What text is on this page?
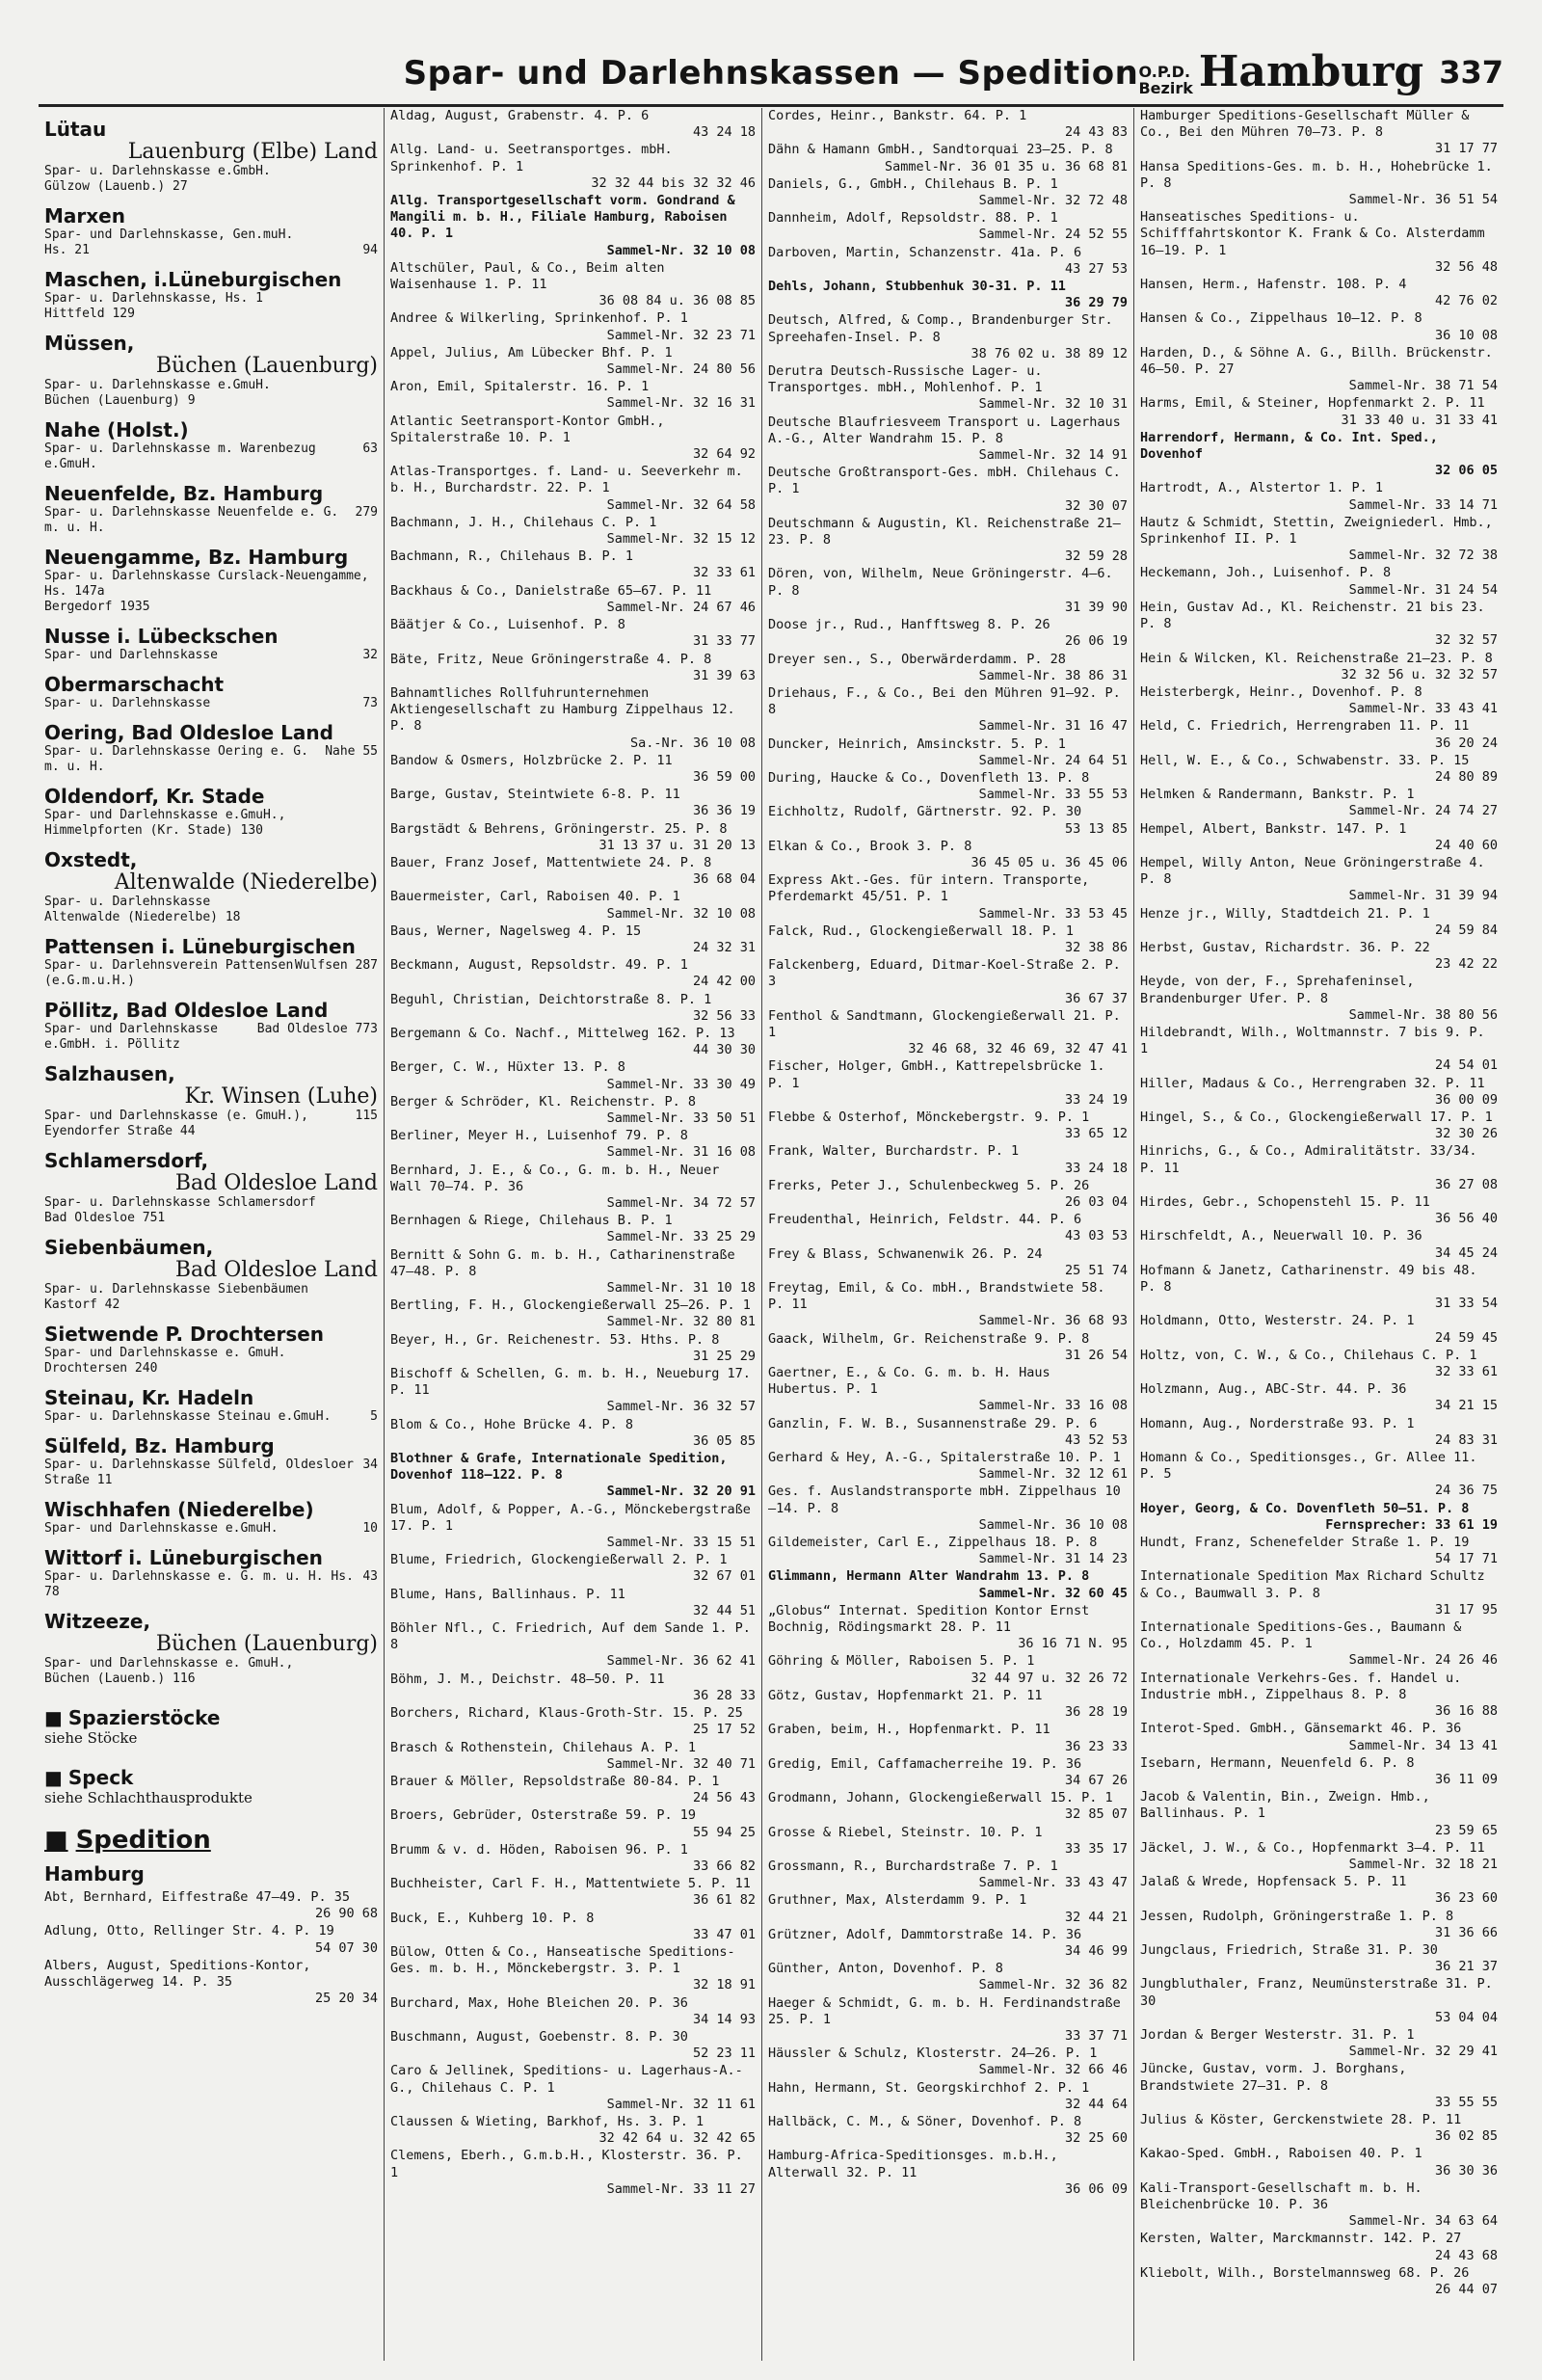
Spar- und Darlehnskassen — Spedition O.P.D.
Bezirk Hamburg 337
Lütau
Lauenburg (Elbe) Land
Spar- u. Darlehnskasse e.GmbH.
Gülzow (Lauenb.) 27
Marxen
Spar- und Darlehnskasse, Gen.muH.
94
Hs. 21
Maschen, i.Lüneburgischen
Spar- u. Darlehnskasse, Hs. 1
Hittfeld 129
Müssen,
Büchen (Lauenburg)
Spar- u. Darlehnskasse e.GmuH.
Büchen (Lauenburg) 9
Nahe (Holst.)
63
Spar- u. Darlehnskasse m. Warenbezug e.GmuH.
Neuenfelde, Bz. Hamburg
279
Spar- u. Darlehnskasse Neuenfelde e. G. m. u. H.
Neuengamme, Bz. Hamburg
Spar- u. Darlehnskasse Curslack-Neuengamme, Hs. 147a
Bergedorf 1935
Nusse i. Lübeckschen
32
Spar- und Darlehnskasse
Obermarschacht
73
Spar- u. Darlehnskasse
Oering, Bad Oldesloe Land
Nahe 55
Spar- u. Darlehnskasse Oering e. G. m. u. H.
Oldendorf, Kr. Stade
Spar- und Darlehnskasse e.GmuH., Himmelpforten (Kr. Stade) 130
Oxstedt,
Altenwalde (Niederelbe)
Spar- u. Darlehnskasse
Altenwalde (Niederelbe) 18
Pattensen i. Lüneburgischen
Wulfsen 287
Spar- u. Darlehnsverein Pattensen (e.G.m.u.H.)
Pöllitz, Bad Oldesloe Land
Bad Oldesloe 773
Spar- und Darlehnskasse e.GmbH. i. Pöllitz
Salzhausen,
Kr. Winsen (Luhe)
115
Spar- und Darlehnskasse (e. GmuH.), Eyendorfer Straße 44
Schlamersdorf,
Bad Oldesloe Land
Spar- u. Darlehnskasse Schlamersdorf
Bad Oldesloe 751
Siebenbäumen,
Bad Oldesloe Land
Spar- u. Darlehnskasse Siebenbäumen
Kastorf 42
Sietwende P. Drochtersen
Spar- und Darlehnskasse e. GmuH.
Drochtersen 240
Steinau, Kr. Hadeln
5
Spar- u. Darlehnskasse Steinau e.GmuH.
Sülfeld, Bz. Hamburg
34
Spar- u. Darlehnskasse Sülfeld, Oldesloer Straße 11
Wischhafen (Niederelbe)
10
Spar- und Darlehnskasse e.GmuH.
Wittorf i. Lüneburgischen
43
Spar- u. Darlehnskasse e. G. m. u. H. Hs. 78
Witzeeze,
Büchen (Lauenburg)
Spar- und Darlehnskasse e. GmuH.,
Büchen (Lauenb.) 116
■ Spazierstöcke
siehe Stöcke
■ Speck
siehe Schlachthausprodukte
■ Spedition
Hamburg
Abt, Bernhard, Eiffestraße 47—49. P. 35
26 90 68
Adlung, Otto, Rellinger Str. 4. P. 19
54 07 30
Albers, August, Speditions-Kontor, Ausschlägerweg 14. P. 35
25 20 34
Aldag, August, Grabenstr. 4. P. 6
43 24 18
Allg. Land- u. Seetransportges. mbH. Sprinkenhof. P. 1
32 32 44 bis 32 32 46
Allg. Transportgesellschaft vorm. Gondrand & Mangili m. b. H., Filiale Hamburg, Raboisen 40. P. 1
Sammel-Nr. 32 10 08
Altschüler, Paul, & Co., Beim alten Waisenhause 1. P. 11
36 08 84 u. 36 08 85
Andree & Wilkerling, Sprinkenhof. P. 1
Sammel-Nr. 32 23 71
Appel, Julius, Am Lübecker Bhf. P. 1
Sammel-Nr. 24 80 56
Aron, Emil, Spitalerstr. 16. P. 1
Sammel-Nr. 32 16 31
Atlantic Seetransport-Kontor GmbH., Spitalerstraße 10. P. 1
32 64 92
Atlas-Transportges. f. Land- u. Seeverkehr m. b. H., Burchardstr. 22. P. 1
Sammel-Nr. 32 64 58
Bachmann, J. H., Chilehaus C. P. 1
Sammel-Nr. 32 15 12
Bachmann, R., Chilehaus B. P. 1
32 33 61
Backhaus & Co., Danielstraße 65—67. P. 11
Sammel-Nr. 24 67 46
Bäätjer & Co., Luisenhof. P. 8
31 33 77
Bäte, Fritz, Neue Gröningerstraße 4. P. 8
31 39 63
Bahnamtliches Rollfuhrunternehmen Aktiengesellschaft zu Hamburg Zippelhaus 12. P. 8
Sa.-Nr. 36 10 08
Bandow & Osmers, Holzbrücke 2. P. 11
36 59 00
Barge, Gustav, Steintwiete 6-8. P. 11
36 36 19
Bargstädt & Behrens, Gröningerstr. 25. P. 8
31 13 37 u. 31 20 13
Bauer, Franz Josef, Mattentwiete 24. P. 8
36 68 04
Bauermeister, Carl, Raboisen 40. P. 1
Sammel-Nr. 32 10 08
Baus, Werner, Nagelsweg 4. P. 15
24 32 31
Beckmann, August, Repsoldstr. 49. P. 1
24 42 00
Beguhl, Christian, Deichtorstraße 8. P. 1
32 56 33
Bergemann & Co. Nachf., Mittelweg 162. P. 13
44 30 30
Berger, C. W., Hüxter 13. P. 8
Sammel-Nr. 33 30 49
Berger & Schröder, Kl. Reichenstr. P. 8
Sammel-Nr. 33 50 51
Berliner, Meyer H., Luisenhof 79. P. 8
Sammel-Nr. 31 16 08
Bernhard, J. E., & Co., G. m. b. H., Neuer Wall 70—74. P. 36
Sammel-Nr. 34 72 57
Bernhagen & Riege, Chilehaus B. P. 1
Sammel-Nr. 33 25 29
Bernitt & Sohn G. m. b. H., Catharinenstraße 47—48. P. 8
Sammel-Nr. 31 10 18
Bertling, F. H., Glockengießerwall 25—26. P. 1
Sammel-Nr. 32 80 81
Beyer, H., Gr. Reichenestr. 53. Hths. P. 8
31 25 29
Bischoff & Schellen, G. m. b. H., Neueburg 17. P. 11
Sammel-Nr. 36 32 57
Blom & Co., Hohe Brücke 4. P. 8
36 05 85
Blothner & Grafe, Internationale Spedition, Dovenhof 118—122. P. 8
Sammel-Nr. 32 20 91
Blum, Adolf, & Popper, A.-G., Mönckebergstraße 17. P. 1
Sammel-Nr. 33 15 51
Blume, Friedrich, Glockengießerwall 2. P. 1
32 67 01
Blume, Hans, Ballinhaus. P. 11
32 44 51
Böhler Nfl., C. Friedrich, Auf dem Sande 1. P. 8
Sammel-Nr. 36 62 41
Böhm, J. M., Deichstr. 48—50. P. 11
36 28 33
Borchers, Richard, Klaus-Groth-Str. 15. P. 25
25 17 52
Brasch & Rothenstein, Chilehaus A. P. 1
Sammel-Nr. 32 40 71
Brauer & Möller, Repsoldstraße 80-84. P. 1
24 56 43
Broers, Gebrüder, Osterstraße 59. P. 19
55 94 25
Brumm & v. d. Höden, Raboisen 96. P. 1
33 66 82
Buchheister, Carl F. H., Mattentwiete 5. P. 11
36 61 82
Buck, E., Kuhberg 10. P. 8
33 47 01
Bülow, Otten & Co., Hanseatische Speditions-Ges. m. b. H., Mönckebergstr. 3. P. 1
32 18 91
Burchard, Max, Hohe Bleichen 20. P. 36
34 14 93
Buschmann, August, Goebenstr. 8. P. 30
52 23 11
Caro & Jellinek, Speditions- u. Lagerhaus-A.-G., Chilehaus C. P. 1
Sammel-Nr. 32 11 61
Claussen & Wieting, Barkhof, Hs. 3. P. 1
32 42 64 u. 32 42 65
Clemens, Eberh., G.m.b.H., Klosterstr. 36. P. 1
Sammel-Nr. 33 11 27
Cordes, Heinr., Bankstr. 64. P. 1
24 43 83
Dähn & Hamann GmbH., Sandtorquai 23—25. P. 8
Sammel-Nr. 36 01 35 u. 36 68 81
Daniels, G., GmbH., Chilehaus B. P. 1
Sammel-Nr. 32 72 48
Dannheim, Adolf, Repsoldstr. 88. P. 1
Sammel-Nr. 24 52 55
Darboven, Martin, Schanzenstr. 41a. P. 6
43 27 53
Dehls, Johann, Stubbenhuk 30-31. P. 11
36 29 79
Deutsch, Alfred, & Comp., Brandenburger Str. Spreehafen-Insel. P. 8
38 76 02 u. 38 89 12
Derutra Deutsch-Russische Lager- u. Transportges. mbH., Mohlenhof. P. 1
Sammel-Nr. 32 10 31
Deutsche Blaufriesveem Transport u. Lagerhaus A.-G., Alter Wandrahm 15. P. 8
Sammel-Nr. 32 14 91
Deutsche Großtransport-Ges. mbH. Chilehaus C. P. 1
32 30 07
Deutschmann & Augustin, Kl. Reichenstraße 21—23. P. 8
32 59 28
Dören, von, Wilhelm, Neue Gröningerstr. 4—6. P. 8
31 39 90
Doose jr., Rud., Hanfftsweg 8. P. 26
26 06 19
Dreyer sen., S., Oberwärderdamm. P. 28
Sammel-Nr. 38 86 31
Driehaus, F., & Co., Bei den Mühren 91—92. P. 8
Sammel-Nr. 31 16 47
Duncker, Heinrich, Amsinckstr. 5. P. 1
Sammel-Nr. 24 64 51
During, Haucke & Co., Dovenfleth 13. P. 8
Sammel-Nr. 33 55 53
Eichholtz, Rudolf, Gärtnerstr. 92. P. 30
53 13 85
Elkan & Co., Brook 3. P. 8
36 45 05 u. 36 45 06
Express Akt.-Ges. für intern. Transporte, Pferdemarkt 45/51. P. 1
Sammel-Nr. 33 53 45
Falck, Rud., Glockengießerwall 18. P. 1
32 38 86
Falckenberg, Eduard, Ditmar-Koel-Straße 2. P. 3
36 67 37
Fenthol & Sandtmann, Glockengießerwall 21. P. 1
32 46 68, 32 46 69, 32 47 41
Fischer, Holger, GmbH., Kattrepelsbrücke 1. P. 1
33 24 19
Flebbe & Osterhof, Mönckebergstr. 9. P. 1
33 65 12
Frank, Walter, Burchardstr. P. 1
33 24 18
Frerks, Peter J., Schulenbeckweg 5. P. 26
26 03 04
Freudenthal, Heinrich, Feldstr. 44. P. 6
43 03 53
Frey & Blass, Schwanenwik 26. P. 24
25 51 74
Freytag, Emil, & Co. mbH., Brandstwiete 58. P. 11
Sammel-Nr. 36 68 93
Gaack, Wilhelm, Gr. Reichenstraße 9. P. 8
31 26 54
Gaertner, E., & Co. G. m. b. H. Haus Hubertus. P. 1
Sammel-Nr. 33 16 08
Ganzlin, F. W. B., Susannenstraße 29. P. 6
43 52 53
Gerhard & Hey, A.-G., Spitalerstraße 10. P. 1
Sammel-Nr. 32 12 61
Ges. f. Auslandstransporte mbH. Zippelhaus 10—14. P. 8
Sammel-Nr. 36 10 08
Gildemeister, Carl E., Zippelhaus 18. P. 8
Sammel-Nr. 31 14 23
Glimmann, Hermann Alter Wandrahm 13. P. 8
Sammel-Nr. 32 60 45
„Globus“ Internat. Spedition Kontor Ernst Bochnig, Rödingsmarkt 28. P. 11
36 16 71 N. 95
Göhring & Möller, Raboisen 5. P. 1
32 44 97 u. 32 26 72
Götz, Gustav, Hopfenmarkt 21. P. 11
36 28 19
Graben, beim, H., Hopfenmarkt. P. 11
36 23 33
Gredig, Emil, Caffamacherreihe 19. P. 36
34 67 26
Grodmann, Johann, Glockengießerwall 15. P. 1
32 85 07
Grosse & Riebel, Steinstr. 10. P. 1
33 35 17
Grossmann, R., Burchardstraße 7. P. 1
Sammel-Nr. 33 43 47
Gruthner, Max, Alsterdamm 9. P. 1
32 44 21
Grützner, Adolf, Dammtorstraße 14. P. 36
34 46 99
Günther, Anton, Dovenhof. P. 8
Sammel-Nr. 32 36 82
Haeger & Schmidt, G. m. b. H. Ferdinandstraße 25. P. 1
33 37 71
Häussler & Schulz, Klosterstr. 24—26. P. 1
Sammel-Nr. 32 66 46
Hahn, Hermann, St. Georgskirchhof 2. P. 1
32 44 64
Hallbäck, C. M., & Söner, Dovenhof. P. 8
32 25 60
Hamburg-Africa-Speditionsges. m.b.H., Alterwall 32. P. 11
36 06 09
Hamburger Speditions-Gesellschaft Müller & Co., Bei den Mühren 70—73. P. 8
31 17 77
Hansa Speditions-Ges. m. b. H., Hohebrücke 1. P. 8
Sammel-Nr. 36 51 54
Hanseatisches Speditions- u. Schifffahrtskontor K. Frank & Co. Alsterdamm 16—19. P. 1
32 56 48
Hansen, Herm., Hafenstr. 108. P. 4
42 76 02
Hansen & Co., Zippelhaus 10—12. P. 8
36 10 08
Harden, D., & Söhne A. G., Billh. Brückenstr. 46—50. P. 27
Sammel-Nr. 38 71 54
Harms, Emil, & Steiner, Hopfenmarkt 2. P. 11
31 33 40 u. 31 33 41
Harrendorf, Hermann, & Co. Int. Sped., Dovenhof
32 06 05
Hartrodt, A., Alstertor 1. P. 1
Sammel-Nr. 33 14 71
Hautz & Schmidt, Stettin, Zweigniederl. Hmb., Sprinkenhof II. P. 1
Sammel-Nr. 32 72 38
Heckemann, Joh., Luisenhof. P. 8
Sammel-Nr. 31 24 54
Hein, Gustav Ad., Kl. Reichenstr. 21 bis 23. P. 8
32 32 57
Hein & Wilcken, Kl. Reichenstraße 21—23. P. 8
32 32 56 u. 32 32 57
Heisterbergk, Heinr., Dovenhof. P. 8
Sammel-Nr. 33 43 41
Held, C. Friedrich, Herrengraben 11. P. 11
36 20 24
Hell, W. E., & Co., Schwabenstr. 33. P. 15
24 80 89
Helmken & Randermann, Bankstr. P. 1
Sammel-Nr. 24 74 27
Hempel, Albert, Bankstr. 147. P. 1
24 40 60
Hempel, Willy Anton, Neue Gröningerstraße 4. P. 8
Sammel-Nr. 31 39 94
Henze jr., Willy, Stadtdeich 21. P. 1
24 59 84
Herbst, Gustav, Richardstr. 36. P. 22
23 42 22
Heyde, von der, F., Sprehafeninsel, Brandenburger Ufer. P. 8
Sammel-Nr. 38 80 56
Hildebrandt, Wilh., Woltmannstr. 7 bis 9. P. 1
24 54 01
Hiller, Madaus & Co., Herrengraben 32. P. 11
36 00 09
Hingel, S., & Co., Glockengießerwall 17. P. 1
32 30 26
Hinrichs, G., & Co., Admiralitätstr. 33/34. P. 11
36 27 08
Hirdes, Gebr., Schopenstehl 15. P. 11
36 56 40
Hirschfeldt, A., Neuerwall 10. P. 36
34 45 24
Hofmann & Janetz, Catharinenstr. 49 bis 48. P. 8
31 33 54
Holdmann, Otto, Westerstr. 24. P. 1
24 59 45
Holtz, von, C. W., & Co., Chilehaus C. P. 1
32 33 61
Holzmann, Aug., ABC-Str. 44. P. 36
34 21 15
Homann, Aug., Norderstraße 93. P. 1
24 83 31
Homann & Co., Speditionsges., Gr. Allee 11. P. 5
24 36 75
Hoyer, Georg, & Co. Dovenfleth 50—51. P. 8
Fernsprecher: 33 61 19
Hundt, Franz, Schenefelder Straße 1. P. 19
54 17 71
Internationale Spedition Max Richard Schultz & Co., Baumwall 3. P. 8
31 17 95
Internationale Speditions-Ges., Baumann & Co., Holzdamm 45. P. 1
Sammel-Nr. 24 26 46
Internationale Verkehrs-Ges. f. Handel u. Industrie mbH., Zippelhaus 8. P. 8
36 16 88
Interot-Sped. GmbH., Gänsemarkt 46. P. 36
Sammel-Nr. 34 13 41
Isebarn, Hermann, Neuenfeld 6. P. 8
36 11 09
Jacob & Valentin, Bin., Zweign. Hmb., Ballinhaus. P. 1
23 59 65
Jäckel, J. W., & Co., Hopfenmarkt 3—4. P. 11
Sammel-Nr. 32 18 21
Jalaß & Wrede, Hopfensack 5. P. 11
36 23 60
Jessen, Rudolph, Gröningerstraße 1. P. 8
31 36 66
Jungclaus, Friedrich, Straße 31. P. 30
36 21 37
Jungbluthaler, Franz, Neumünsterstraße 31. P. 30
53 04 04
Jordan & Berger Westerstr. 31. P. 1
Sammel-Nr. 32 29 41
Jüncke, Gustav, vorm. J. Borghans, Brandstwiete 27—31. P. 8
33 55 55
Julius & Köster, Gerckenstwiete 28. P. 11
36 02 85
Kakao-Sped. GmbH., Raboisen 40. P. 1
36 30 36
Kali-Transport-Gesellschaft m. b. H. Bleichenbrücke 10. P. 36
Sammel-Nr. 34 63 64
Kersten, Walter, Marckmannstr. 142. P. 27
24 43 68
Kliebolt, Wilh., Borstelmannsweg 68. P. 26
26 44 07
